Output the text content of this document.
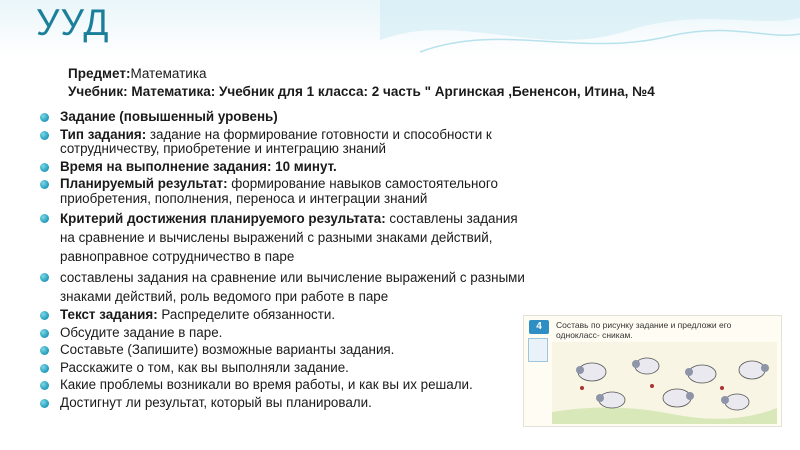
УУД
Предмет:Математика
Учебник: Математика: Учебник для 1 класса: 2 часть " Аргинская ,Бененсон, Итина, №4
Задание (повышенный уровень)
Тип задания: задание на формирование готовности и способности к сотрудничеству, приобретение и интеграцию знаний
Время на выполнение задания: 10 минут.
Планируемый результат: формирование навыков самостоятельного приобретения, пополнения, переноса и интеграции знаний
Критерий достижения планируемого результата: составлены задания на сравнение и вычислены выражений с разными знаками действий, равноправное сотрудничество в паре
составлены задания на сравнение или вычисление выражений с разными знаками действий, роль ведомого при работе в паре
Текст задания: Распределите обязанности.
Обсудите задание в паре.
Составьте (Запишите) возможные варианты задания.
Расскажите о том, как вы выполняли задание.
Какие проблемы возникали во время работы, и как вы их решали.
Достигнут ли результат, который вы планировали.
4	Составь по рисунку задание и предложи его однокласс- сникам.
